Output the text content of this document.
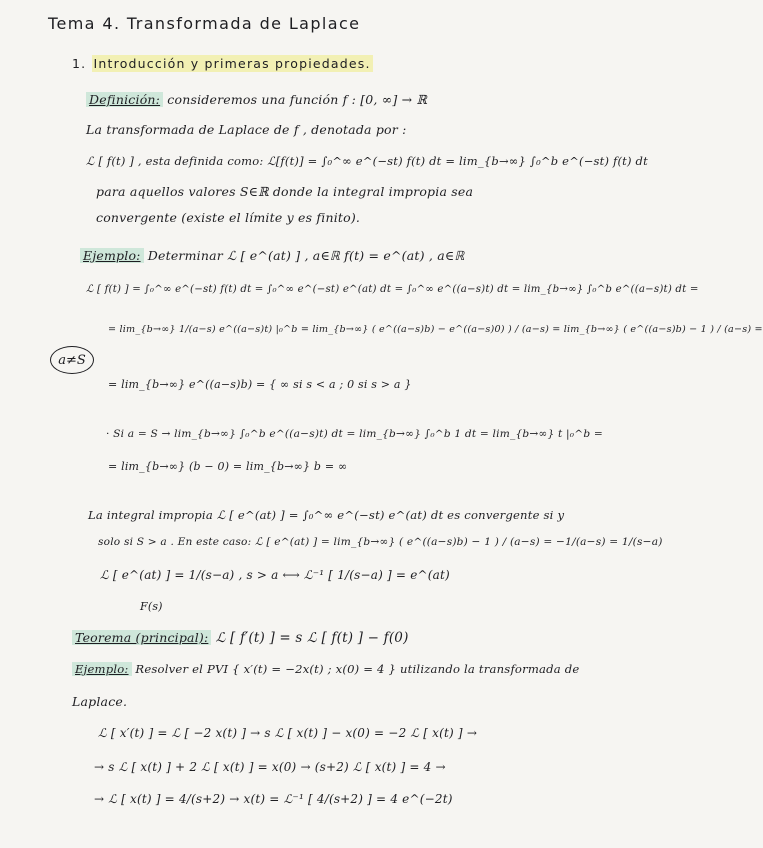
Tema 4. Transformada de Laplace
1. Introducción y primeras propiedades.
Definición: consideremos una función f : [0, ∞] → ℝ
La transformada de Laplace de f , denotada por :
ℒ [ f(t) ] , esta definida como: ℒ[f(t)] = ∫₀^∞ e^(−st) f(t) dt = lim_{b→∞} ∫₀^b e^(−st) f(t) dt
para aquellos valores S∈ℝ donde la integral impropia sea
convergente (existe el límite y es finito).
Ejemplo: Determinar ℒ [ e^(at) ] , a∈ℝ f(t) = e^(at) , a∈ℝ
ℒ [ f(t) ] = ∫₀^∞ e^(−st) f(t) dt = ∫₀^∞ e^(−st) e^(at) dt = ∫₀^∞ e^((a−s)t) dt = lim_{b→∞} ∫₀^b e^((a−s)t) dt =
= lim_{b→∞} 1/(a−s) e^((a−s)t) |₀^b = lim_{b→∞} ( e^((a−s)b) − e^((a−s)0) ) / (a−s) = lim_{b→∞} ( e^((a−s)b) − 1 ) / (a−s) =
a≠S
= lim_{b→∞} e^((a−s)b) = { ∞ si s < a ; 0 si s > a }
· Si a = S → lim_{b→∞} ∫₀^b e^((a−s)t) dt = lim_{b→∞} ∫₀^b 1 dt = lim_{b→∞} t |₀^b =
= lim_{b→∞} (b − 0) = lim_{b→∞} b = ∞
La integral impropia ℒ [ e^(at) ] = ∫₀^∞ e^(−st) e^(at) dt es convergente si y
solo si S > a . En este caso: ℒ [ e^(at) ] = lim_{b→∞} ( e^((a−s)b) − 1 ) / (a−s) = −1/(a−s) = 1/(s−a)
ℒ [ e^(at) ] = 1/(s−a) , s > a ⟷ ℒ⁻¹ [ 1/(s−a) ] = e^(at)
F(s)
Teorema (principal): ℒ [ f′(t) ] = s ℒ [ f(t) ] − f(0)
Ejemplo: Resolver el PVI { x′(t) = −2x(t) ; x(0) = 4 } utilizando la transformada de
Laplace.
ℒ [ x′(t) ] = ℒ [ −2 x(t) ] → s ℒ [ x(t) ] − x(0) = −2 ℒ [ x(t) ] →
→ s ℒ [ x(t) ] + 2 ℒ [ x(t) ] = x(0) → (s+2) ℒ [ x(t) ] = 4 →
→ ℒ [ x(t) ] = 4/(s+2) → x(t) = ℒ⁻¹ [ 4/(s+2) ] = 4 e^(−2t)
